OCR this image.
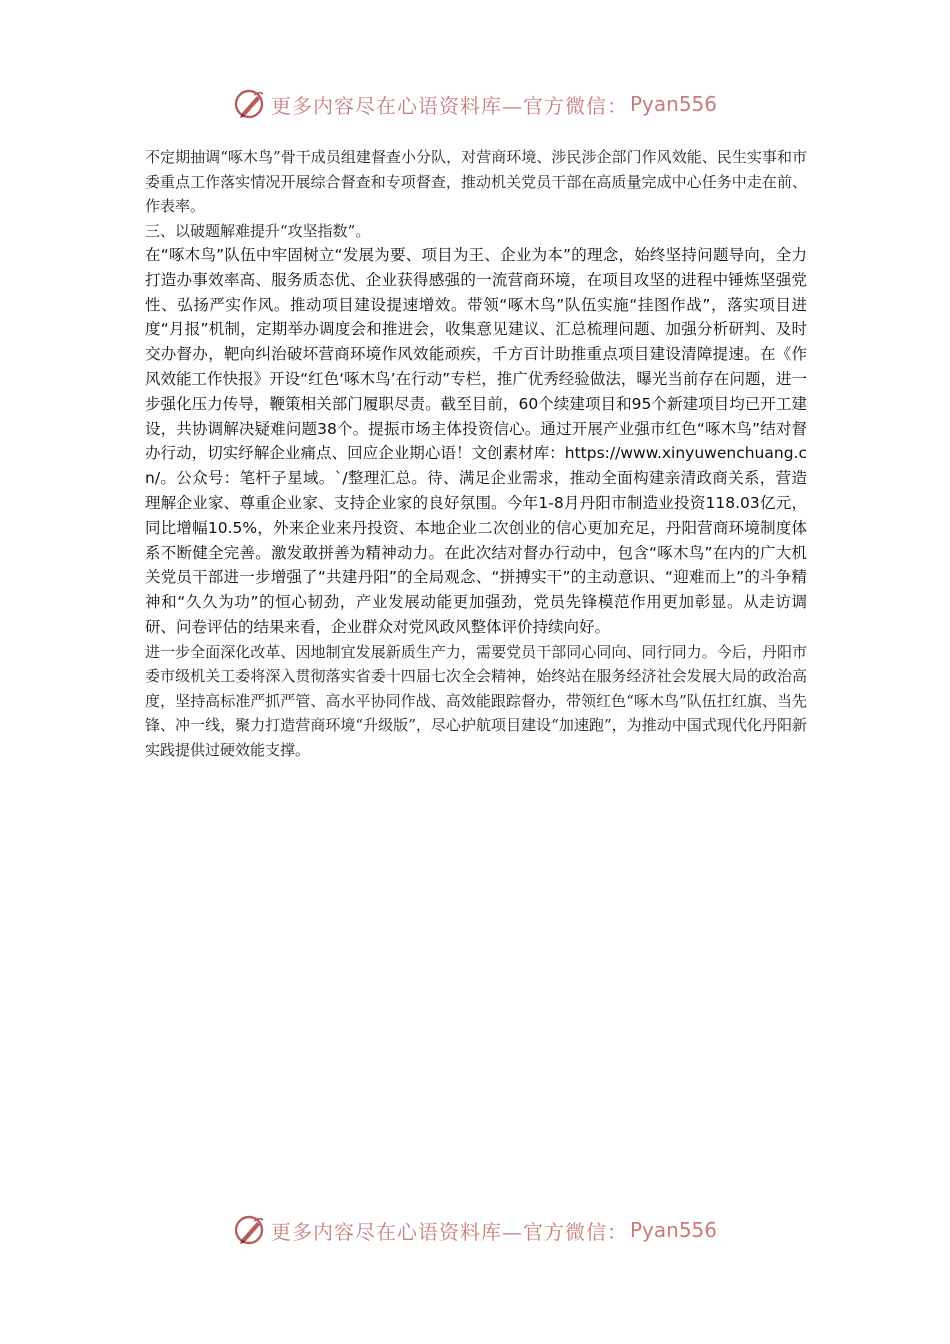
更多内容尽在心语资料库—官方微信： Pyan556

不定期抽调“啄木鸟”骨干成员组建督查小分队，对营商环境、涉民涉企部门作风效能、民生实事和市委重点工作落实情况开展综合督查和专项督查，推动机关党员干部在高质量完成中心任务中走在前、作表率。

三、以破题解难提升“攻坚指数”。

在“啄木鸟”队伍中牢固树立“发展为要、项目为王、企业为本”的理念，始终坚持问题导向，全力打造办事效率高、服务质态优、企业获得感强的一流营商环境，在项目攻坚的进程中锤炼坚强党性、弘扬严实作风。推动项目建设提速增效。带领“啄木鸟”队伍实施“挂图作战”，落实项目进度“月报”机制，定期举办调度会和推进会，收集意见建议、汇总梳理问题、加强分析研判、及时交办督办，靶向纠治破坏营商环境作风效能顽疾，千方百计助推重点项目建设清障提速。在《作风效能工作快报》开设“红色‘啄木鸟’在行动”专栏，推广优秀经验做法，曝光当前存在问题，进一步强化压力传导，鞭策相关部门履职尽责。截至目前，60个续建项目和95个新建项目均已开工建设，共协调解决疑难问题38个。提振市场主体投资信心。通过开展产业强市红色“啄木鸟”结对督办行动，切实纾解企业痛点、回应企业期心语！文创素材库：https://www.xinyuwenchuang.cn/。公众号：笔杆子星域。`/整理汇总。待、满足企业需求，推动全面构建亲清政商关系，营造理解企业家、尊重企业家、支持企业家的良好氛围。今年1-8月丹阳市制造业投资118.03亿元，同比增幅10.5%，外来企业来丹投资、本地企业二次创业的信心更加充足，丹阳营商环境制度体系不断健全完善。激发敢拼善为精神动力。在此次结对督办行动中，包含“啄木鸟”在内的广大机关党员干部进一步增强了“共建丹阳”的全局观念、“拼搏实干”的主动意识、“迎难而上”的斗争精神和“久久为功”的恒心韧劲，产业发展动能更加强劲，党员先锋模范作用更加彰显。从走访调研、问卷评估的结果来看，企业群众对党风政风整体评价持续向好。

进一步全面深化改革、因地制宜发展新质生产力，需要党员干部同心同向、同行同力。今后，丹阳市委市级机关工委将深入贯彻落实省委十四届七次全会精神，始终站在服务经济社会发展大局的政治高度，坚持高标准严抓严管、高水平协同作战、高效能跟踪督办，带领红色“啄木鸟”队伍扛红旗、当先锋、冲一线，聚力打造营商环境“升级版”，尽心护航项目建设“加速跑”，为推动中国式现代化丹阳新实践提供过硬效能支撑。

更多内容尽在心语资料库—官方微信： Pyan556
